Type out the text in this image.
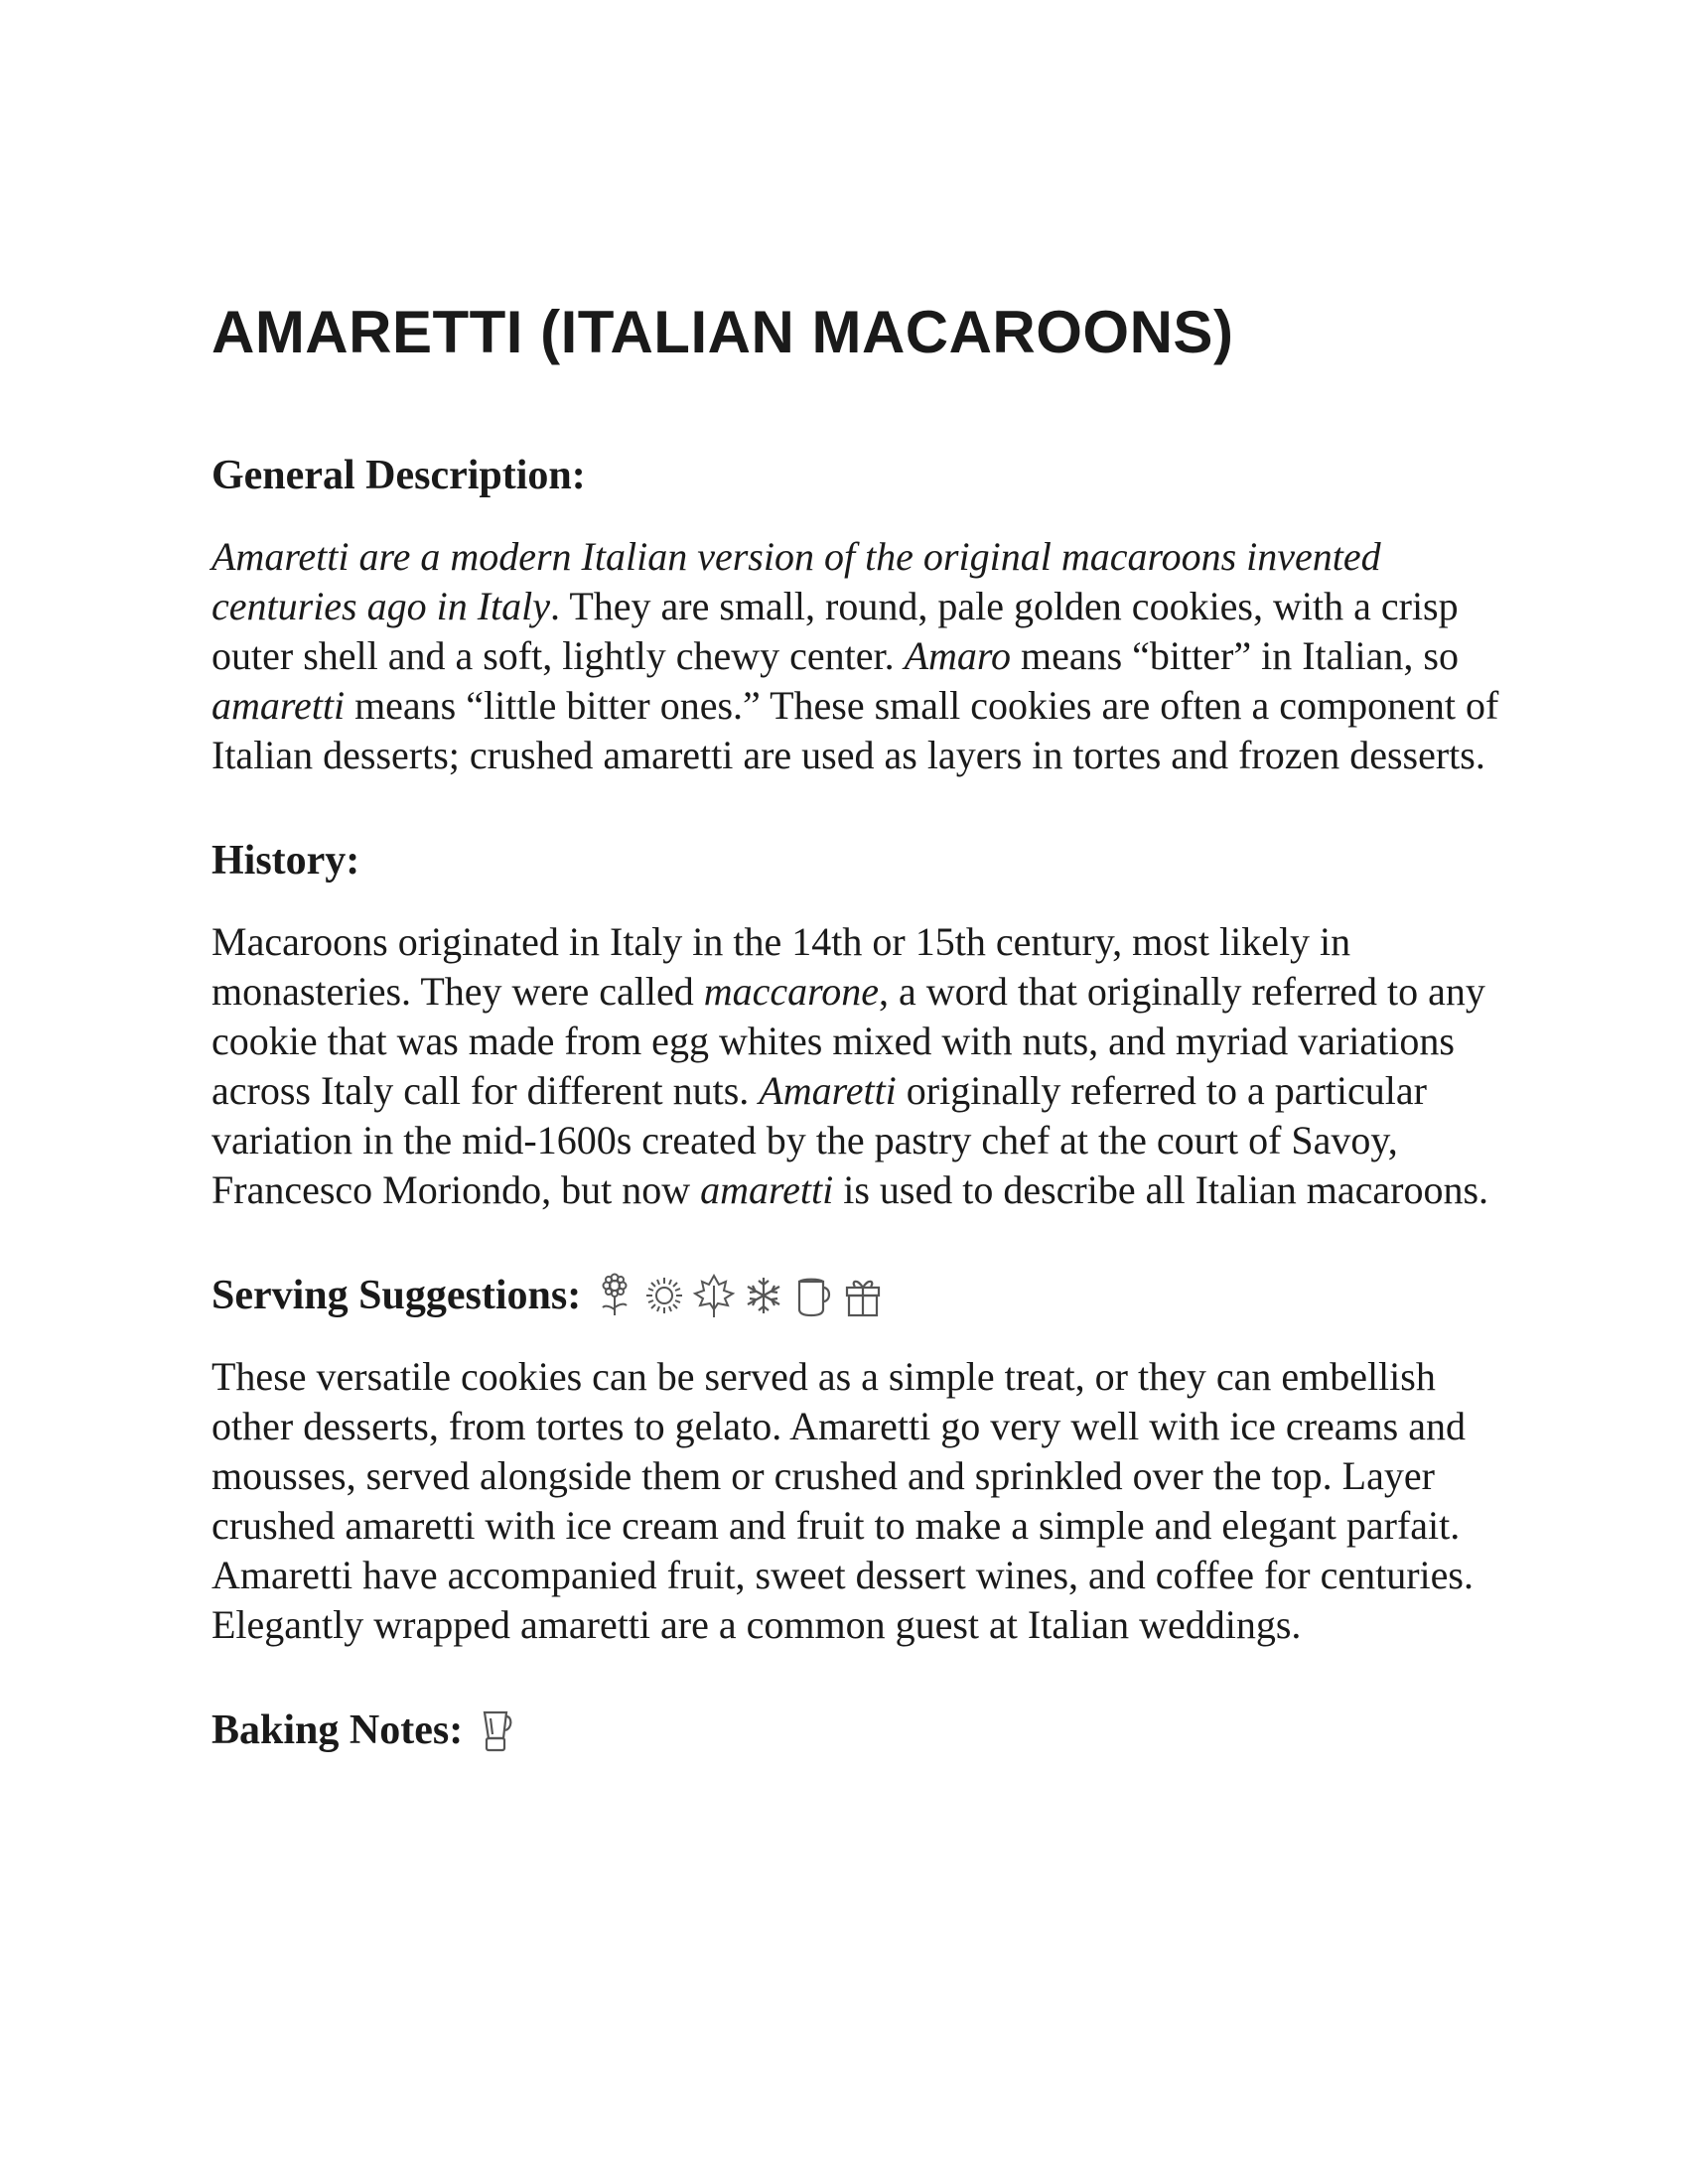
AMARETTI (ITALIAN MACAROONS)
General Description:

Amaretti are a modern Italian version of the original macaroons invented centuries ago in Italy. They are small, round, pale golden cookies, with a crisp outer shell and a soft, lightly chewy center. Amaro means “bitter” in Italian, so amaretti means “little bitter ones.” These small cookies are often a component of Italian desserts; crushed amaretti are used as layers in tortes and frozen desserts.

History:

Macaroons originated in Italy in the 14th or 15th century, most likely in monasteries. They were called maccarone, a word that originally referred to any cookie that was made from egg whites mixed with nuts, and myriad variations across Italy call for different nuts. Amaretti originally referred to a particular variation in the mid-1600s created by the pastry chef at the court of Savoy, Francesco Moriondo, but now amaretti is used to describe all Italian macaroons.

Serving Suggestions:

These versatile cookies can be served as a simple treat, or they can embellish other desserts, from tortes to gelato. Amaretti go very well with ice creams and mousses, served alongside them or crushed and sprinkled over the top. Layer crushed amaretti with ice cream and fruit to make a simple and elegant parfait. Amaretti have accompanied fruit, sweet dessert wines, and coffee for centuries. Elegantly wrapped amaretti are a common guest at Italian weddings.

Baking Notes:
